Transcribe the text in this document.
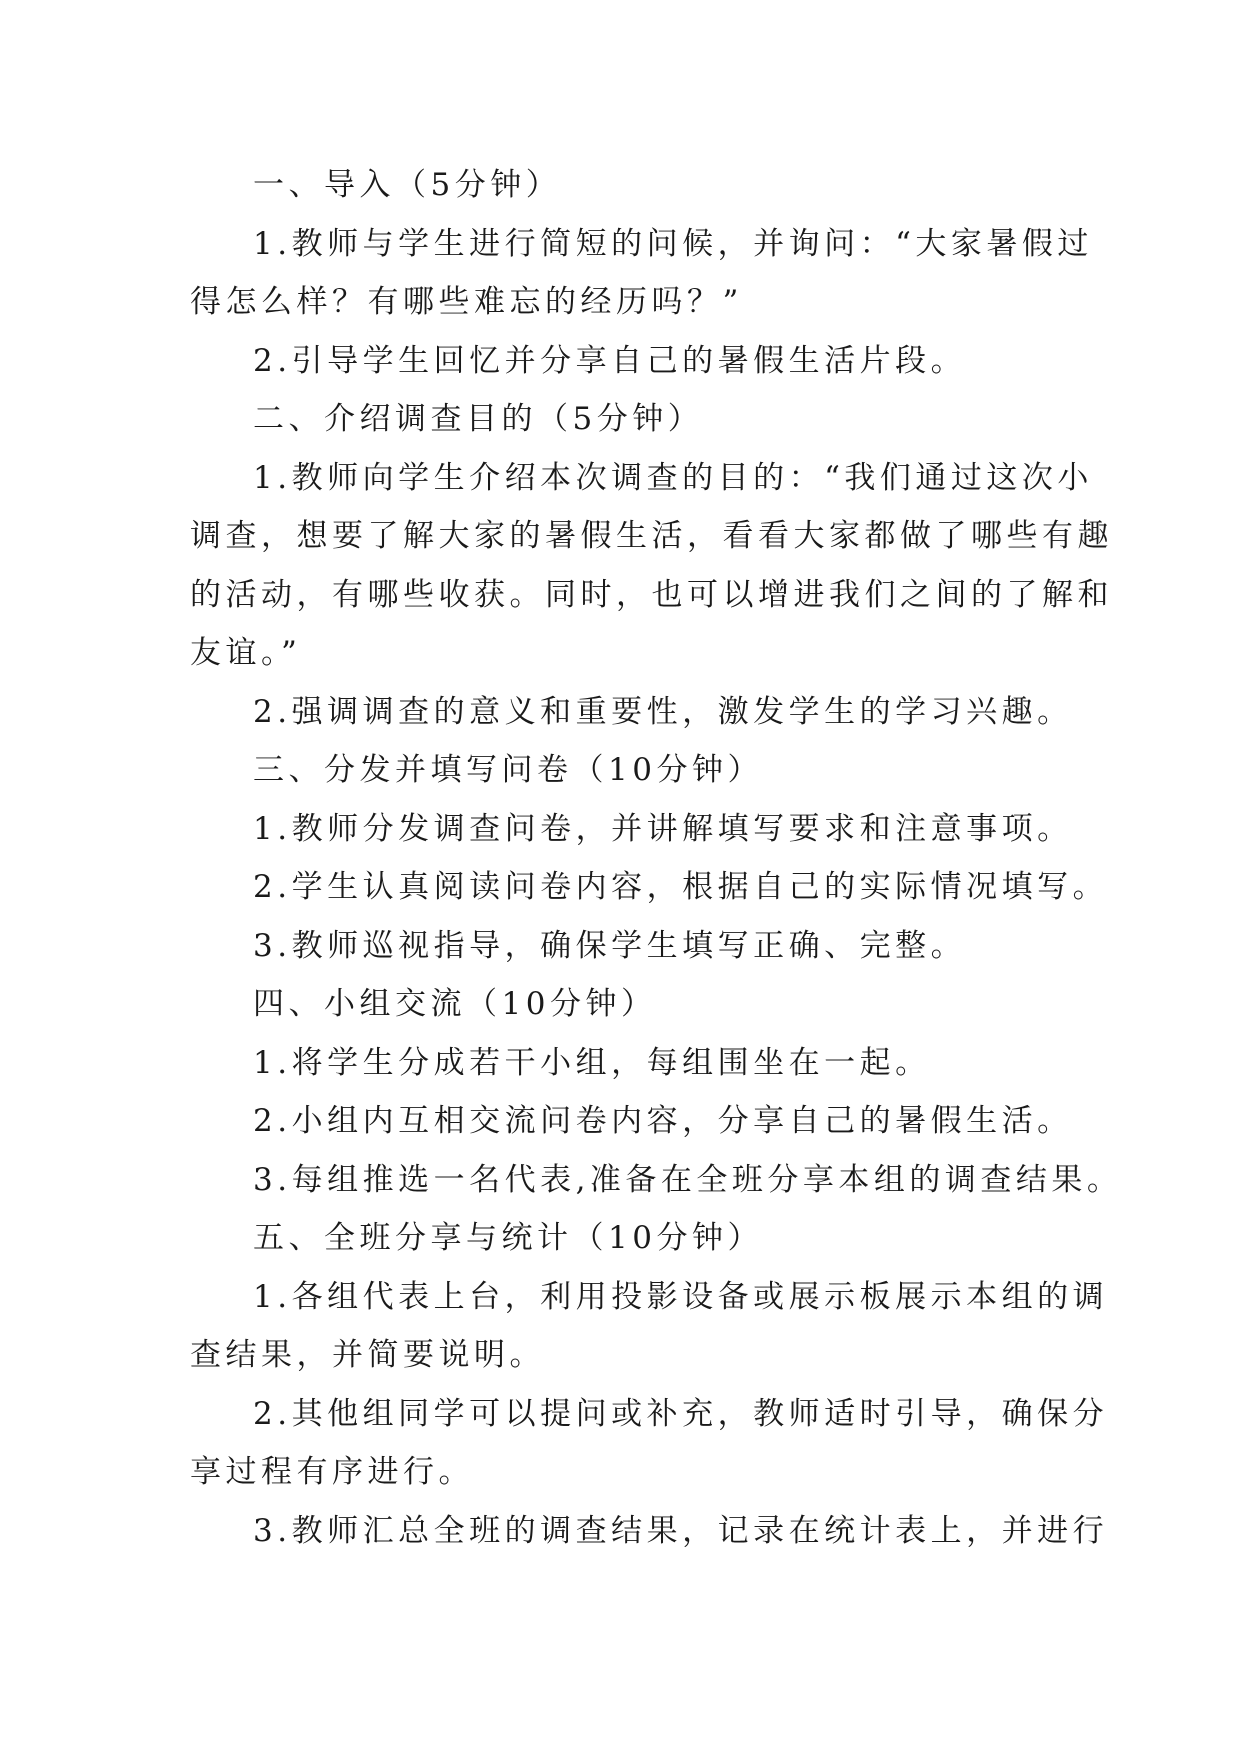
一、导入（5分钟）

1.教师与学生进行简短的问候，并询问：“大家暑假过

得怎么样？有哪些难忘的经历吗？”

2.引导学生回忆并分享自己的暑假生活片段。

二、介绍调查目的（5分钟）

1.教师向学生介绍本次调查的目的：“我们通过这次小

调查，想要了解大家的暑假生活，看看大家都做了哪些有趣

的活动，有哪些收获。同时，也可以增进我们之间的了解和

友谊。”

2.强调调查的意义和重要性，激发学生的学习兴趣。

三、分发并填写问卷（10分钟）

1.教师分发调查问卷，并讲解填写要求和注意事项。

2.学生认真阅读问卷内容，根据自己的实际情况填写。

3.教师巡视指导，确保学生填写正确、完整。

四、小组交流（10分钟）

1.将学生分成若干小组，每组围坐在一起。

2.小组内互相交流问卷内容，分享自己的暑假生活。

3.每组推选一名代表,准备在全班分享本组的调查结果。

五、全班分享与统计（10分钟）

1.各组代表上台，利用投影设备或展示板展示本组的调

查结果，并简要说明。

2.其他组同学可以提问或补充，教师适时引导，确保分

享过程有序进行。

3.教师汇总全班的调查结果，记录在统计表上，并进行
